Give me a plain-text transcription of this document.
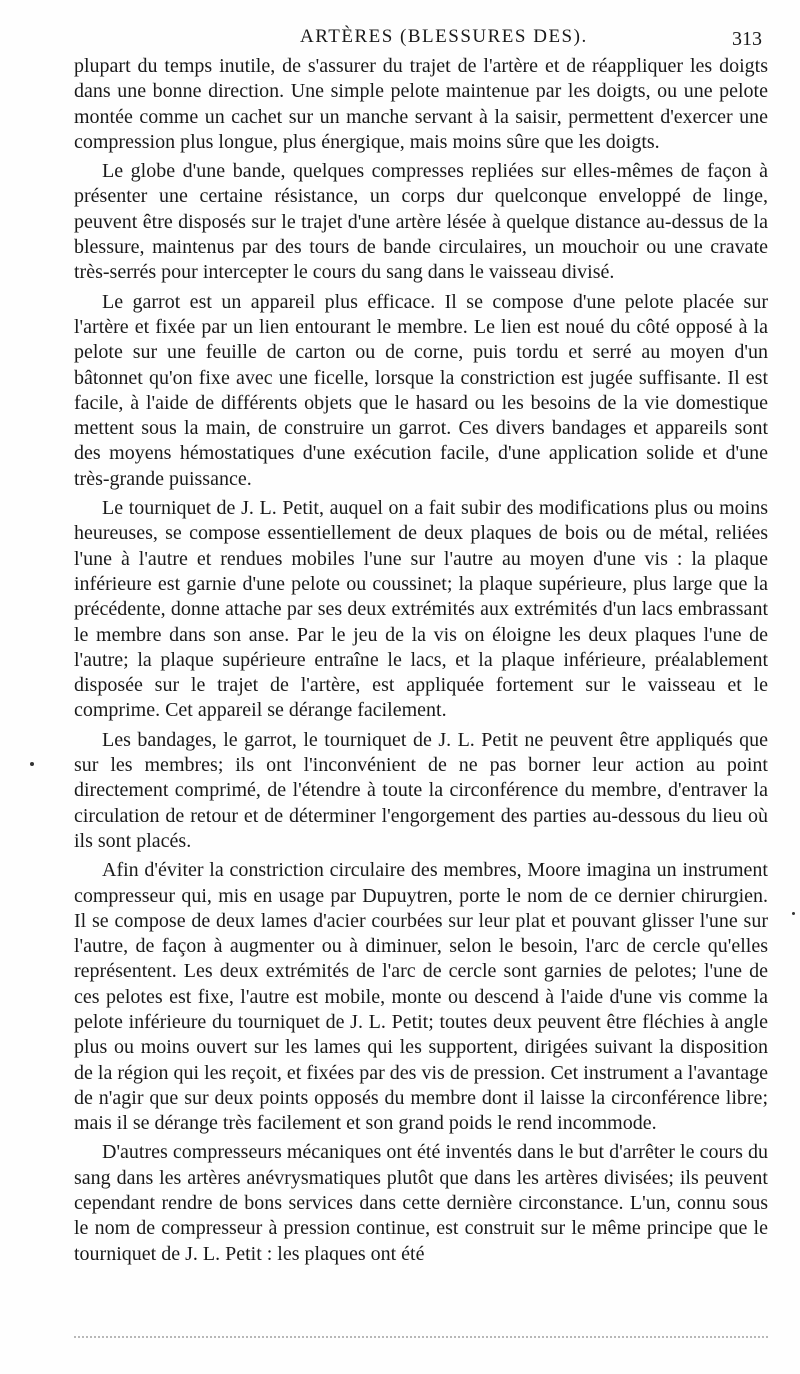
ARTÈRES (BLESSURES DES).	313

plupart du temps inutile, de s'assurer du trajet de l'artère et de réappliquer les doigts dans une bonne direction. Une simple pelote maintenue par les doigts, ou une pelote montée comme un cachet sur un manche servant à la saisir, permettent d'exercer une compression plus longue, plus énergique, mais moins sûre que les doigts.

Le globe d'une bande, quelques compresses repliées sur elles-mêmes de façon à présenter une certaine résistance, un corps dur quelconque enveloppé de linge, peuvent être disposés sur le trajet d'une artère lésée à quelque distance au-dessus de la blessure, maintenus par des tours de bande circulaires, un mouchoir ou une cravate très-serrés pour intercepter le cours du sang dans le vaisseau divisé.

Le garrot est un appareil plus efficace. Il se compose d'une pelote placée sur l'artère et fixée par un lien entourant le membre. Le lien est noué du côté opposé à la pelote sur une feuille de carton ou de corne, puis tordu et serré au moyen d'un bâtonnet qu'on fixe avec une ficelle, lorsque la constriction est jugée suffisante. Il est facile, à l'aide de différents objets que le hasard ou les besoins de la vie domestique mettent sous la main, de construire un garrot. Ces divers bandages et appareils sont des moyens hémostatiques d'une exécution facile, d'une application solide et d'une très-grande puissance.

Le tourniquet de J. L. Petit, auquel on a fait subir des modifications plus ou moins heureuses, se compose essentiellement de deux plaques de bois ou de métal, reliées l'une à l'autre et rendues mobiles l'une sur l'autre au moyen d'une vis : la plaque inférieure est garnie d'une pelote ou coussinet; la plaque supérieure, plus large que la précédente, donne attache par ses deux extrémités aux extrémités d'un lacs embrassant le membre dans son anse. Par le jeu de la vis on éloigne les deux plaques l'une de l'autre; la plaque supérieure entraîne le lacs, et la plaque inférieure, préalablement disposée sur le trajet de l'artère, est appliquée fortement sur le vaisseau et le comprime. Cet appareil se dérange facilement.

Les bandages, le garrot, le tourniquet de J. L. Petit ne peuvent être appliqués que sur les membres; ils ont l'inconvénient de ne pas borner leur action au point directement comprimé, de l'étendre à toute la circonférence du membre, d'entraver la circulation de retour et de déterminer l'engorgement des parties au-dessous du lieu où ils sont placés.

Afin d'éviter la constriction circulaire des membres, Moore imagina un instrument compresseur qui, mis en usage par Dupuytren, porte le nom de ce dernier chirurgien. Il se compose de deux lames d'acier courbées sur leur plat et pouvant glisser l'une sur l'autre, de façon à augmenter ou à diminuer, selon le besoin, l'arc de cercle qu'elles représentent. Les deux extrémités de l'arc de cercle sont garnies de pelotes; l'une de ces pelotes est fixe, l'autre est mobile, monte ou descend à l'aide d'une vis comme la pelote inférieure du tourniquet de J. L. Petit; toutes deux peuvent être fléchies à angle plus ou moins ouvert sur les lames qui les supportent, dirigées suivant la disposition de la région qui les reçoit, et fixées par des vis de pression. Cet instrument a l'avantage de n'agir que sur deux points opposés du membre dont il laisse la circonférence libre; mais il se dérange très facilement et son grand poids le rend incommode.

D'autres compresseurs mécaniques ont été inventés dans le but d'arrêter le cours du sang dans les artères anévrysmatiques plutôt que dans les artères divisées; ils peuvent cependant rendre de bons services dans cette dernière circonstance. L'un, connu sous le nom de compresseur à pression continue, est construit sur le même principe que le tourniquet de J. L. Petit : les plaques ont été
